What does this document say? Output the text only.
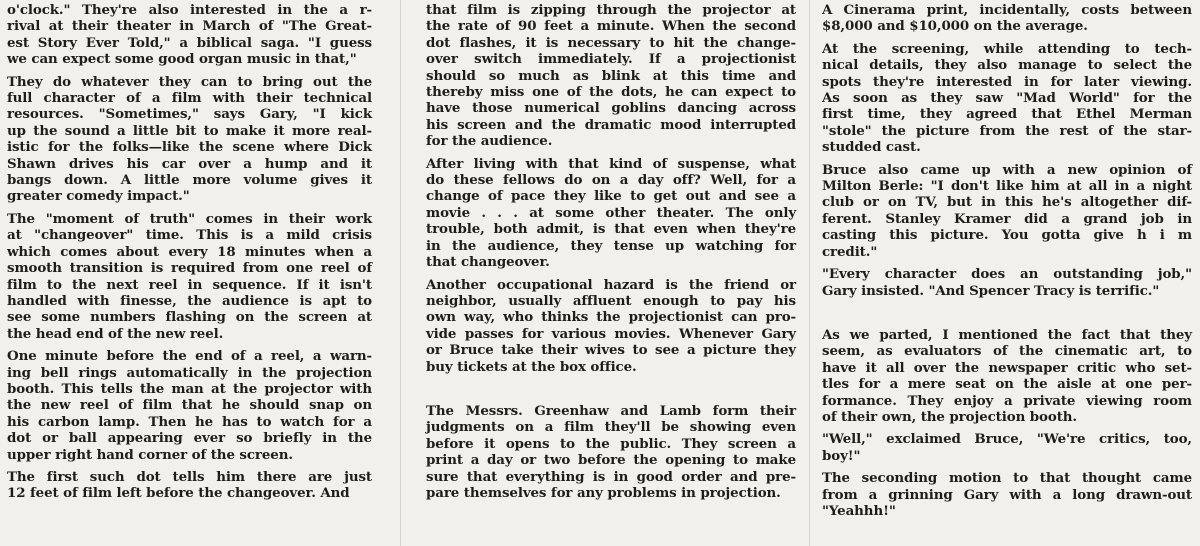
o'clock." They're also interested in the a r-
rival at their theater in March of "The Great-
est Story Ever Told," a biblical saga. "I guess
we can expect some good organ music in that,"

They do whatever they can to bring out the
full character of a film with their technical
resources. "Sometimes," says Gary, "I kick
up the sound a little bit to make it more real-
istic for the folks—like the scene where Dick
Shawn drives his car over a hump and it
bangs down. A little more volume gives it
greater comedy impact."

The "moment of truth" comes in their work
at "changeover" time. This is a mild crisis
which comes about every 18 minutes when a
smooth transition is required from one reel of
film to the next reel in sequence. If it isn't
handled with finesse, the audience is apt to
see some numbers flashing on the screen at
the head end of the new reel.

One minute before the end of a reel, a warn-
ing bell rings automatically in the projection
booth. This tells the man at the projector with
the new reel of film that he should snap on
his carbon lamp. Then he has to watch for a
dot or ball appearing ever so briefly in the
upper right hand corner of the screen.

The first such dot tells him there are just
12 feet of film left before the changeover. And

that film is zipping through the projector at
the rate of 90 feet a minute. When the second
dot flashes, it is necessary to hit the change-
over switch immediately. If a projectionist
should so much as blink at this time and
thereby miss one of the dots, he can expect to
have those numerical goblins dancing across
his screen and the dramatic mood interrupted
for the audience.

After living with that kind of suspense, what
do these fellows do on a day off? Well, for a
change of pace they like to get out and see a
movie . . . at some other theater. The only
trouble, both admit, is that even when they're
in the audience, they tense up watching for
that changeover.

Another occupational hazard is the friend or
neighbor, usually affluent enough to pay his
own way, who thinks the projectionist can pro-
vide passes for various movies. Whenever Gary
or Bruce take their wives to see a picture they
buy tickets at the box office.

The Messrs. Greenhaw and Lamb form their
judgments on a film they'll be showing even
before it opens to the public. They screen a
print a day or two before the opening to make
sure that everything is in good order and pre-
pare themselves for any problems in projection.

A Cinerama print, incidentally, costs between
$8,000 and $10,000 on the average.

At the screening, while attending to tech-
nical details, they also manage to select the
spots they're interested in for later viewing.
As soon as they saw "Mad World" for the
first time, they agreed that Ethel Merman
"stole" the picture from the rest of the star-
studded cast.

Bruce also came up with a new opinion of
Milton Berle: "I don't like him at all in a night
club or on TV, but in this he's altogether dif-
ferent. Stanley Kramer did a grand job in
casting this picture. You gotta give h i m
credit."

"Every character does an outstanding job,"
Gary insisted. "And Spencer Tracy is terrific."

As we parted, I mentioned the fact that they
seem, as evaluators of the cinematic art, to
have it all over the newspaper critic who set-
tles for a mere seat on the aisle at one per-
formance. They enjoy a private viewing room
of their own, the projection booth.

"Well," exclaimed Bruce, "We're critics, too,
boy!"

The seconding motion to that thought came
from a grinning Gary with a long drawn-out
"Yeahhh!"
